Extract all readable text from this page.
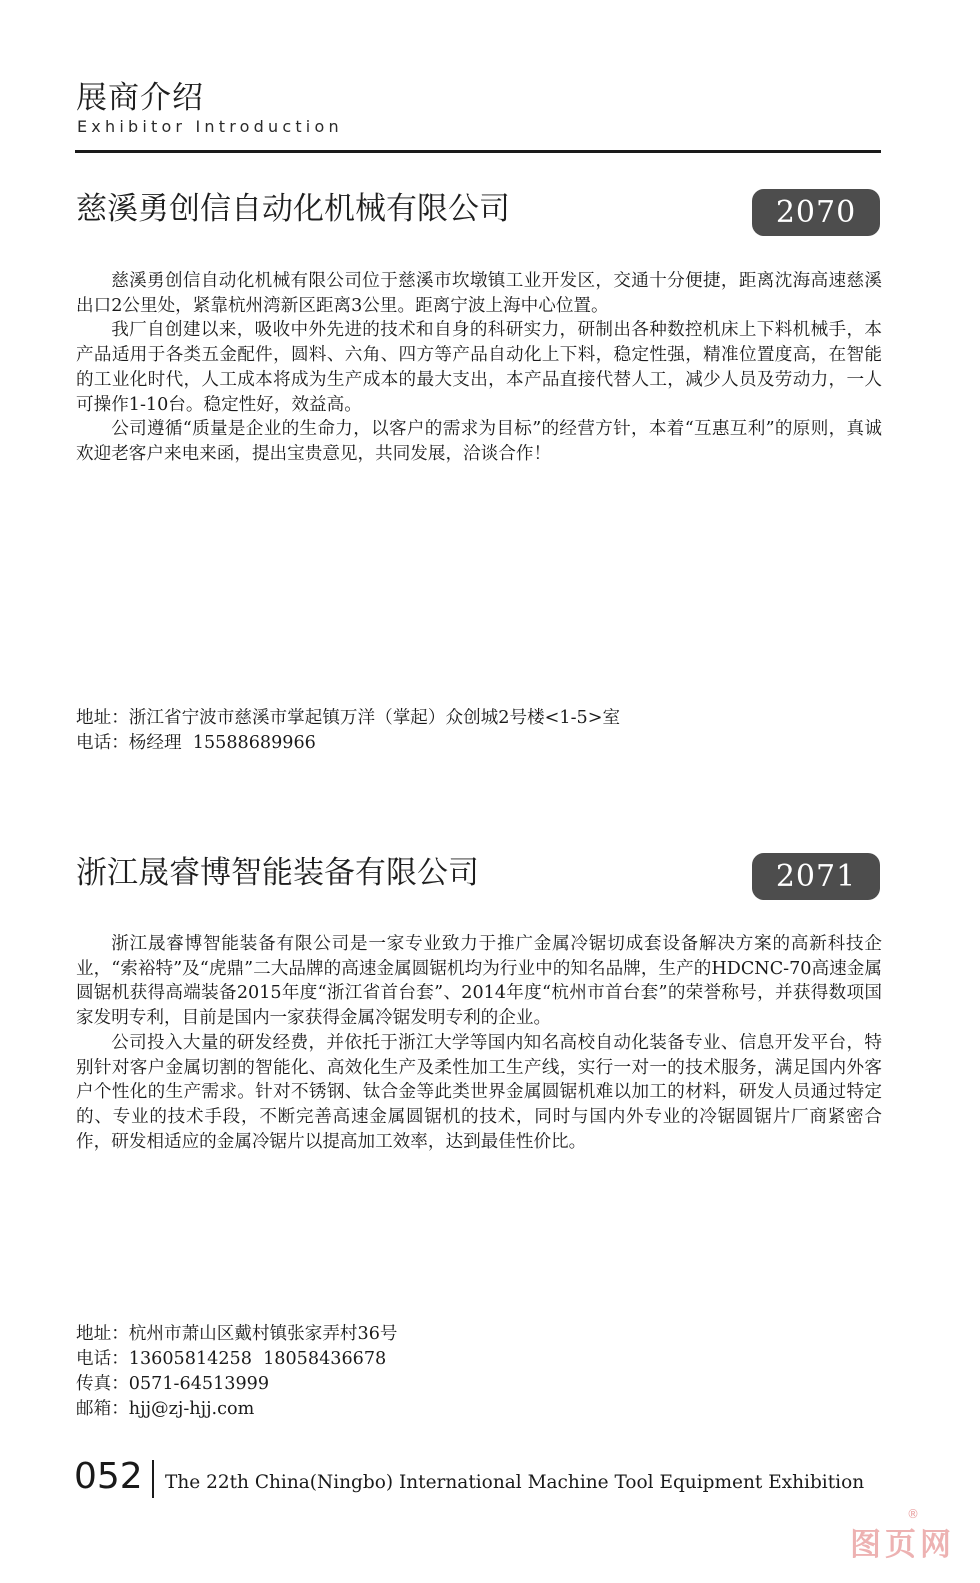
展商介绍
Exhibitor Introduction
慈溪勇创信自动化机械有限公司	2070

慈溪勇创信自动化机械有限公司位于慈溪市坎墩镇工业开发区，交通十分便捷，距离沈海高速慈溪出口2公里处，紧靠杭州湾新区距离3公里。距离宁波上海中心位置。

我厂自创建以来，吸收中外先进的技术和自身的科研实力，研制出各种数控机床上下料机械手，本产品适用于各类五金配件，圆料、六角、四方等产品自动化上下料，稳定性强，精准位置度高，在智能的工业化时代，人工成本将成为生产成本的最大支出，本产品直接代替人工，减少人员及劳动力，一人可操作1-10台。稳定性好，效益高。

公司遵循“质量是企业的生命力，以客户的需求为目标”的经营方针，本着“互惠互利”的原则，真诚欢迎老客户来电来函，提出宝贵意见，共同发展，洽谈合作！

地址：浙江省宁波市慈溪市掌起镇万洋（掌起）众创城2号楼<1-5>室
电话：杨经理  15588689966
浙江晟睿博智能装备有限公司	2071

浙江晟睿博智能装备有限公司是一家专业致力于推广金属冷锯切成套设备解决方案的高新科技企业，“索裕特”及“虎鼎”二大品牌的高速金属圆锯机均为行业中的知名品牌，生产的HDCNC-70高速金属圆锯机获得高端装备2015年度“浙江省首台套”、2014年度“杭州市首台套”的荣誉称号，并获得数项国家发明专利，目前是国内一家获得金属冷锯发明专利的企业。

公司投入大量的研发经费，并依托于浙江大学等国内知名高校自动化装备专业、信息开发平台，特别针对客户金属切割的智能化、高效化生产及柔性加工生产线，实行一对一的技术服务，满足国内外客户个性化的生产需求。针对不锈钢、钛合金等此类世界金属圆锯机难以加工的材料，研发人员通过特定的、专业的技术手段，不断完善高速金属圆锯机的技术，同时与国内外专业的冷锯圆锯片厂商紧密合作，研发相适应的金属冷锯片以提高加工效率，达到最佳性价比。

地址：杭州市萧山区戴村镇张家弄村36号
电话：13605814258  18058436678
传真：0571-64513999
邮箱：hjj@zj-hjj.com
052 The 22th China(Ningbo) International Machine Tool Equipment Exhibition
®
图页网
